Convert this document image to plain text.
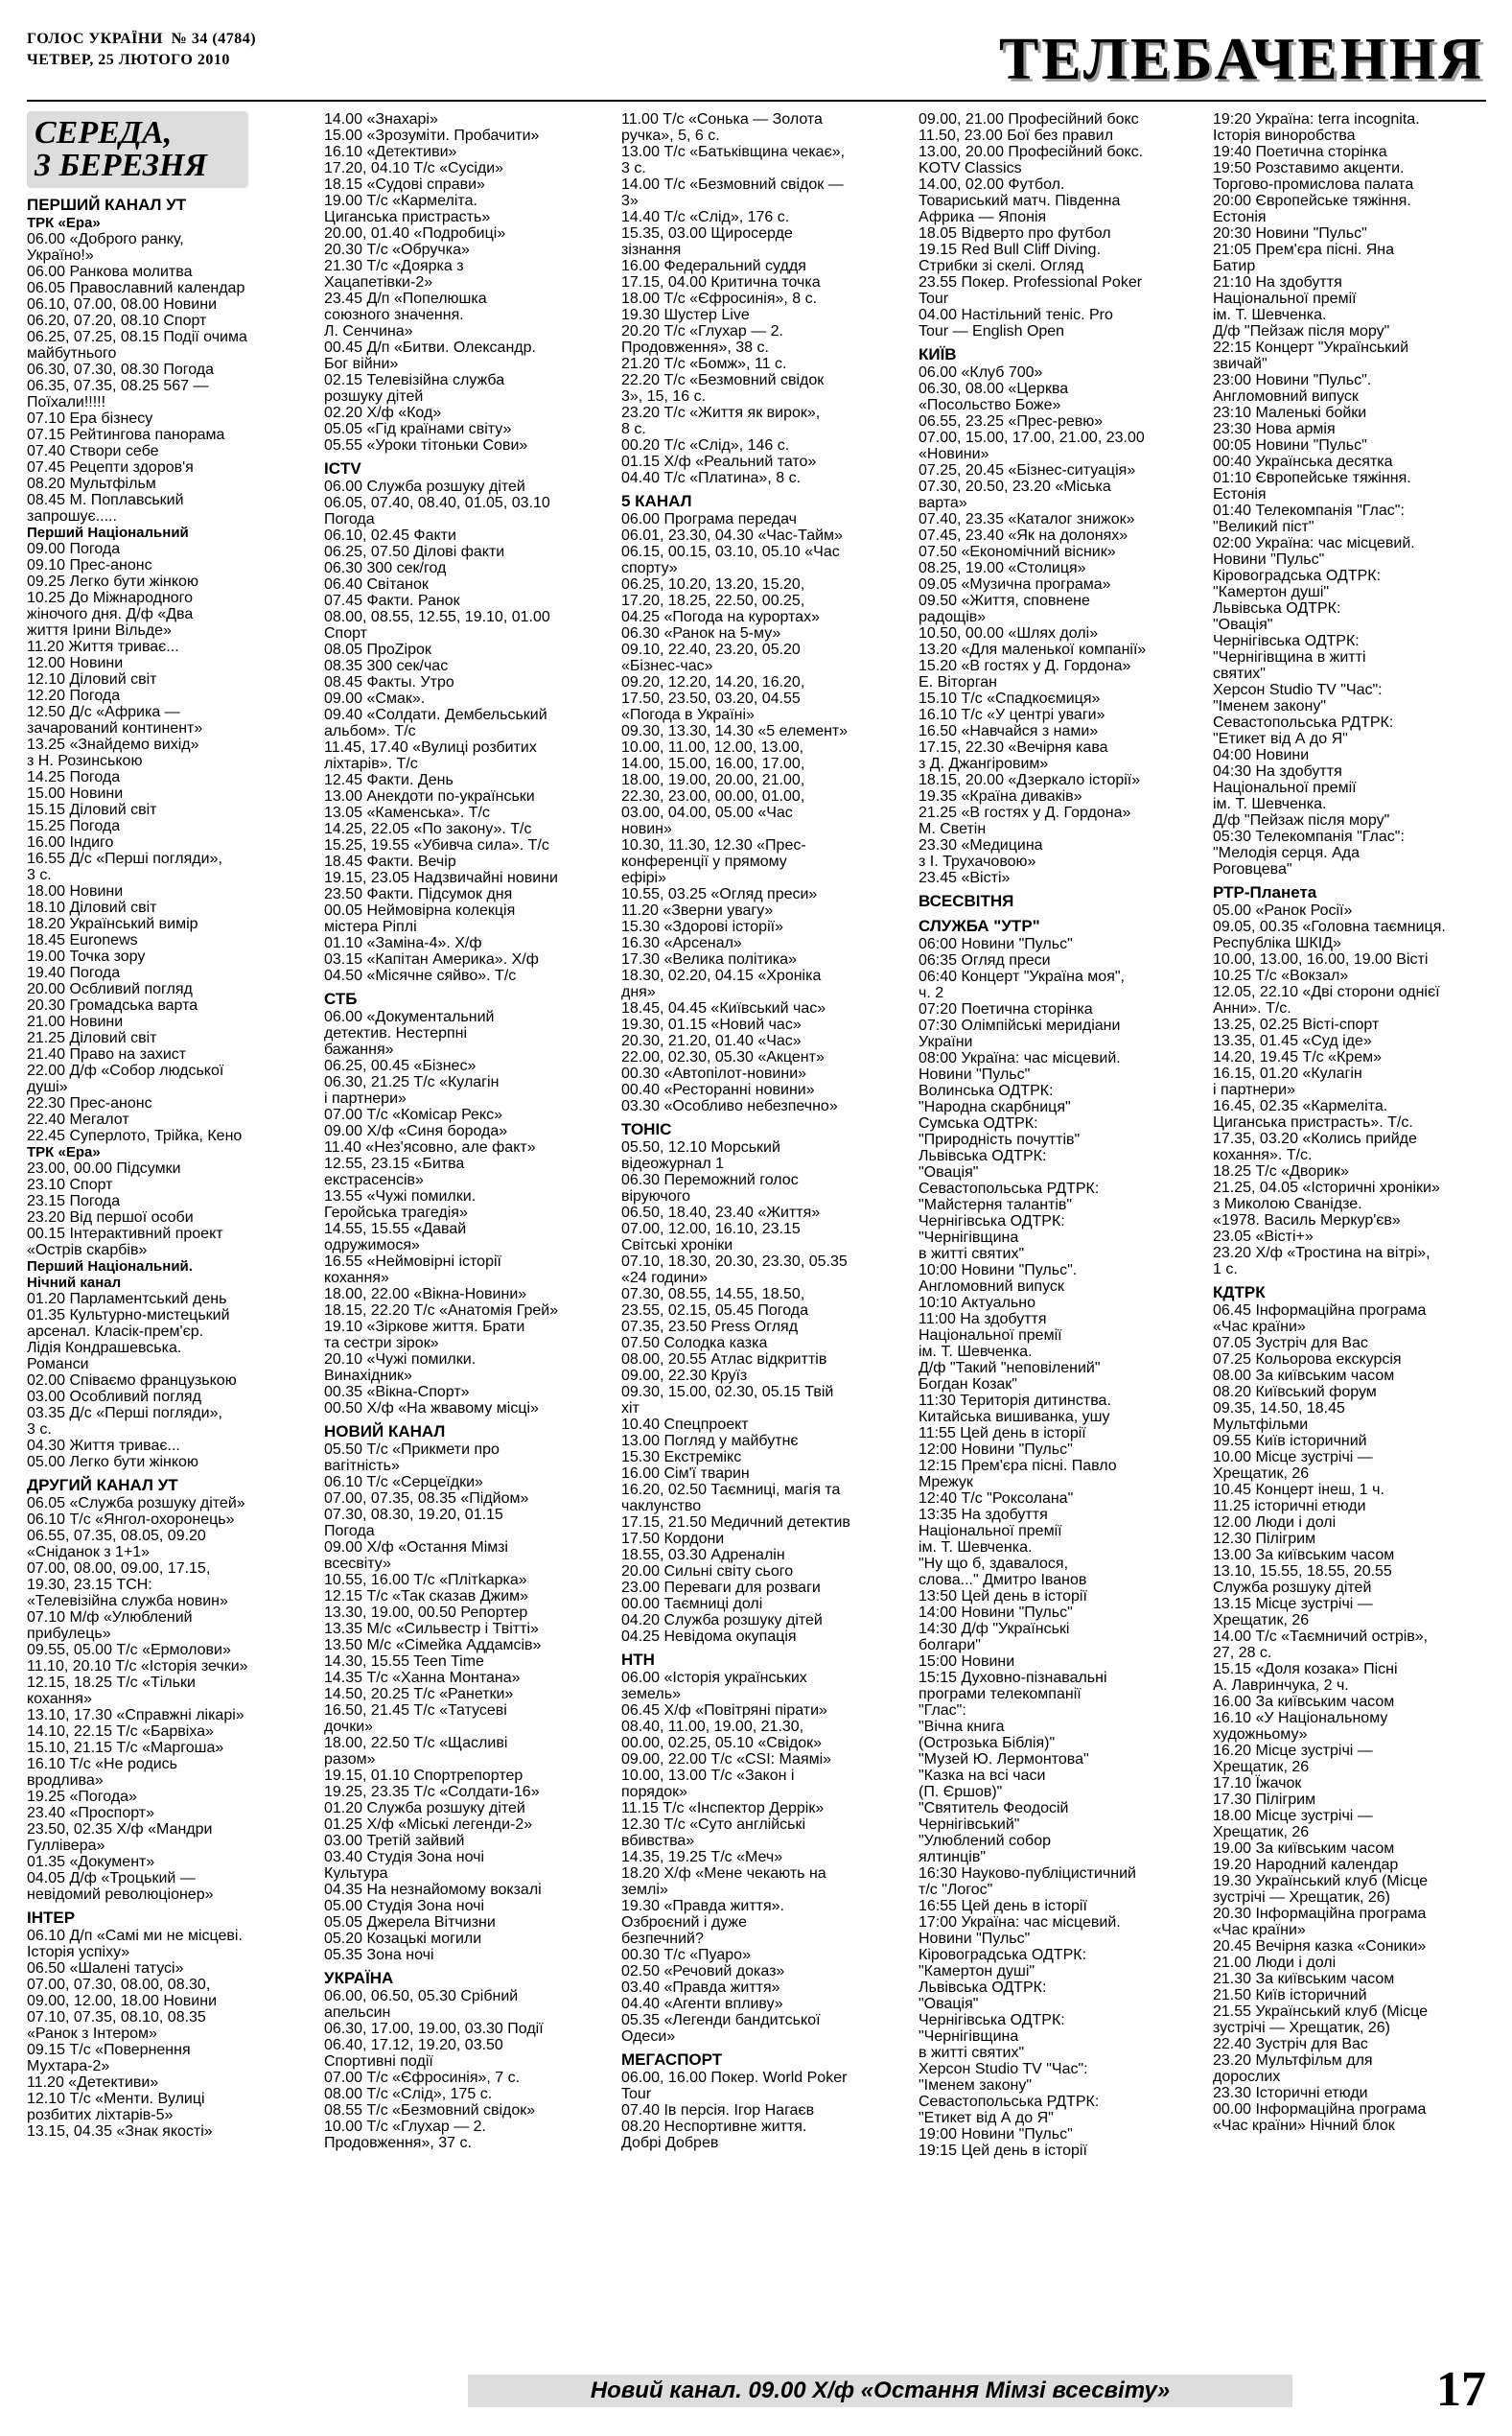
ГОЛОС УКРАЇНИ № 34 (4784)
ЧЕТВЕР, 25 ЛЮТОГО 2010	ТЕЛЕБАЧЕННЯ
СЕРЕДА,
3 БЕРЕЗНЯ
ПЕРШИЙ КАНАЛ УТ
ТРК «Ера»
06.00 «Доброго ранку,
Україно!»
06.00 Ранкова молитва
06.05 Православний календар
06.10, 07.00, 08.00 Новини
06.20, 07.20, 08.10 Спорт
06.25, 07.25, 08.15 Події очима
майбутнього
06.30, 07.30, 08.30 Погода
06.35, 07.35, 08.25 567 —
Поїхали!!!!!
07.10 Ера бізнесу
07.15 Рейтингова панорама
07.40 Створи себе
07.45 Рецепти здоров'я
08.20 Мультфільм
08.45 М. Поплавський
запрошує.....
Перший Національний
09.00 Погода
09.10 Прес-анонс
09.25 Легко бути жінкою
10.25 До Міжнародного
жіночого дня. Д/ф «Два
життя Ірини Вільде»
11.20 Життя триває...
12.00 Новини
12.10 Діловий світ
12.20 Погода
12.50 Д/с «Африка —
зачарований континент»
13.25 «Знайдемо вихід»
з Н. Розинською
14.25 Погода
15.00 Новини
15.15 Діловий світ
15.25 Погода
16.00 Індиго
16.55 Д/с «Перші погляди»,
3 с.
18.00 Новини
18.10 Діловий світ
18.20 Український вимір
18.45 Euronews
19.00 Точка зору
19.40 Погода
20.00 Осбливий погляд
20.30 Громадська варта
21.00 Новини
21.25 Діловий світ
21.40 Право на захист
22.00 Д/ф «Собор людської
душі»
22.30 Прес-анонс
22.40 Мегалот
22.45 Суперлото, Трійка, Кено
ТРК «Ера»
23.00, 00.00 Підсумки
23.10 Спорт
23.15 Погода
23.20 Від першої особи
00.15 Інтерактивний проект
«Острів скарбів»
Перший Національний.
Нічний канал
01.20 Парламентський день
01.35 Культурно-мистецький
арсенал. Класік-прем'єр.
Лідія Кондрашевська.
Романси
02.00 Співаємо французькою
03.00 Особливий погляд
03.35 Д/с «Перші погляди»,
3 с.
04.30 Життя триває...
05.00 Легко бути жінкою
ДРУГИЙ КАНАЛ УТ
06.05 «Служба розшуку дітей»
06.10 Т/с «Янгол-охоронець»
06.55, 07.35, 08.05, 09.20
«Сніданок з 1+1»
07.00, 08.00, 09.00, 17.15,
19.30, 23.15 ТСН:
«Телевізійна служба новин»
07.10 М/ф «Улюблений
прибулець»
09.55, 05.00 Т/с «Ермолови»
11.10, 20.10 Т/с «Історія зечки»
12.15, 18.25 Т/с «Тільки
кохання»
13.10, 17.30 «Справжні лікарі»
14.10, 22.15 Т/с «Барвіха»
15.10, 21.15 Т/с «Маргоша»
16.10 Т/с «Не родись
вродлива»
19.25 «Погода»
23.40 «Проспорт»
23.50, 02.35 Х/ф «Мандри
Гуллівера»
01.35 «Документ»
04.05 Д/ф «Троцький —
невідомий революціонер»
ІНТЕР
06.10 Д/п «Самі ми не місцеві.
Історія успіху»
06.50 «Шалені татусі»
07.00, 07.30, 08.00, 08.30,
09.00, 12.00, 18.00 Новини
07.10, 07.35, 08.10, 08.35
«Ранок з Інтером»
09.15 Т/с «Повернення
Мухтара-2»
11.20 «Детективи»
12.10 Т/с «Менти. Вулиці
розбитих ліхтарів-5»
13.15, 04.35 «Знак якості»
14.00 «Знахарі»
15.00 «Зрозуміти. Пробачити»
16.10 «Детективи»
17.20, 04.10 Т/с «Сусіди»
18.15 «Судові справи»
19.00 Т/с «Кармеліта.
Циганська пристрасть»
20.00, 01.40 «Подробиці»
20.30 Т/с «Обручка»
21.30 Т/с «Доярка з
Хацапетівки-2»
23.45 Д/п «Попелюшка
союзного значення.
Л. Сенчина»
00.45 Д/п «Битви. Олександр.
Бог війни»
02.15 Телевізійна служба
розшуку дітей
02.20 Х/ф «Код»
05.05 «Гід країнами світу»
05.55 «Уроки тітоньки Сови»
ICTV
06.00 Служба розшуку дітей
06.05, 07.40, 08.40, 01.05, 03.10
Погода
06.10, 02.45 Факти
06.25, 07.50 Ділові факти
06.30 300 сек/год
06.40 Світанок
07.45 Факти. Ранок
08.00, 08.55, 12.55, 19.10, 01.00
Спорт
08.05 ПроZірок
08.35 300 сек/час
08.45 Факты. Утро
09.00 «Смак».
09.40 «Солдати. Дембельський
альбом». Т/с
11.45, 17.40 «Вулиці розбитих
ліхтарів». Т/с
12.45 Факти. День
13.00 Анекдоти по-українськи
13.05 «Каменська». Т/с
14.25, 22.05 «По закону». Т/с
15.25, 19.55 «Убивча сила». Т/с
18.45 Факти. Вечір
19.15, 23.05 Надзвичайні новини
23.50 Факти. Підсумок дня
00.05 Неймовірна колекція
містера Ріплі
01.10 «Заміна-4». Х/ф
03.15 «Капітан Америка». Х/ф
04.50 «Місячне сяйво». Т/с
СТБ
06.00 «Документальний
детектив. Нестерпні
бажання»
06.25, 00.45 «Бізнес»
06.30, 21.25 Т/с «Кулагін
і партнери»
07.00 Т/с «Комісар Рекс»
09.00 Х/ф «Синя борода»
11.40 «Нез'ясовно, але факт»
12.55, 23.15 «Битва
екстрасенсів»
13.55 «Чужі помилки.
Геройська трагедія»
14.55, 15.55 «Давай
одружимося»
16.55 «Неймовірні історії
кохання»
18.00, 22.00 «Вікна-Новини»
18.15, 22.20 Т/с «Анатомія Грей»
19.10 «Зіркове життя. Брати
та сестри зірок»
20.10 «Чужі помилки.
Винахідник»
00.35 «Вікна-Спорт»
00.50 Х/ф «На жвавому місці»
НОВИЙ КАНАЛ
05.50 Т/с «Прикмети про
вагітність»
06.10 Т/с «Серцеїдки»
07.00, 07.35, 08.35 «Підйом»
07.30, 08.30, 19.20, 01.15
Погода
09.00 Х/ф «Остання Мімзі
всесвіту»
10.55, 16.00 Т/с «Плітkарка»
12.15 Т/с «Так сказав Джим»
13.30, 19.00, 00.50 Репортер
13.35 М/с «Сильвестр і Твітті»
13.50 М/с «Сімейка Аддамсів»
14.30, 15.55 Teen Time
14.35 Т/с «Ханна Монтана»
14.50, 20.25 Т/с «Ранетки»
16.50, 21.45 Т/с «Татусеві
дочки»
18.00, 22.50 Т/с «Щасливі
разом»
19.15, 01.10 Спортрепортер
19.25, 23.35 Т/с «Солдати-16»
01.20 Служба розшуку дітей
01.25 Х/ф «Міські легенди-2»
03.00 Третій зайвий
03.40 Студія Зона ночі
Культура
04.35 На незнайомому вокзалі
05.00 Студія Зона ночі
05.05 Джерела Вітчизни
05.20 Козацькі могили
05.35 Зона ночі
УКРАЇНА
06.00, 06.50, 05.30 Срібний
апельсин
06.30, 17.00, 19.00, 03.30 Події
06.40, 17.12, 19.20, 03.50
Спортивні події
07.00 Т/с «Єфросинія», 7 с.
08.00 Т/с «Слід», 175 с.
08.55 Т/с «Безмовний свідок»
10.00 Т/с «Глухар — 2.
Продовження», 37 с.
11.00 Т/с «Сонька — Золота
ручка», 5, 6 с.
13.00 Т/с «Батьківщина чекає»,
3 с.
14.00 Т/с «Безмовний свідок —
3»
14.40 Т/с «Слід», 176 с.
15.35, 03.00 Щиросерде
зізнання
16.00 Федеральний суддя
17.15, 04.00 Критична точка
18.00 Т/с «Єфросинія», 8 с.
19.30 Шустер Live
20.20 Т/с «Глухар — 2.
Продовження», 38 с.
21.20 Т/с «Бомж», 11 с.
22.20 Т/с «Безмовний свідок
3», 15, 16 с.
23.20 Т/с «Життя як вирок»,
8 с.
00.20 Т/с «Слід», 146 с.
01.15 Х/ф «Реальний тато»
04.40 Т/с «Платина», 8 с.
5 КАНАЛ
06.00 Програма передач
06.01, 23.30, 04.30 «Час-Тайм»
06.15, 00.15, 03.10, 05.10 «Час
спорту»
06.25, 10.20, 13.20, 15.20,
17.20, 18.25, 22.50, 00.25,
04.25 «Погода на курортах»
06.30 «Ранок на 5-му»
09.10, 22.40, 23.20, 05.20
«Бізнес-час»
09.20, 12.20, 14.20, 16.20,
17.50, 23.50, 03.20, 04.55
«Погода в Україні»
09.30, 13.30, 14.30 «5 елемент»
10.00, 11.00, 12.00, 13.00,
14.00, 15.00, 16.00, 17.00,
18.00, 19.00, 20.00, 21.00,
22.30, 23.00, 00.00, 01.00,
03.00, 04.00, 05.00 «Час
новин»
10.30, 11.30, 12.30 «Прес-
конференції у прямому
ефірі»
10.55, 03.25 «Огляд преси»
11.20 «Зверни увагу»
15.30 «Здорові історії»
16.30 «Арсенал»
17.30 «Велика політика»
18.30, 02.20, 04.15 «Хроніка
дня»
18.45, 04.45 «Київський час»
19.30, 01.15 «Новий час»
20.30, 21.20, 01.40 «Час»
22.00, 02.30, 05.30 «Акцент»
00.30 «Автопілот-новини»
00.40 «Ресторанні новини»
03.30 «Особливо небезпечно»
ТОНІС
05.50, 12.10 Морський
відеожурнал 1
06.30 Переможний голос
віруючого
06.50, 18.40, 23.40 «Життя»
07.00, 12.00, 16.10, 23.15
Світські хроніки
07.10, 18.30, 20.30, 23.30, 05.35
«24 години»
07.30, 08.55, 14.55, 18.50,
23.55, 02.15, 05.45 Погода
07.35, 23.50 Press Огляд
07.50 Солодка казка
08.00, 20.55 Атлас відкриттів
09.00, 22.30 Круїз
09.30, 15.00, 02.30, 05.15 Твій
хіт
10.40 Спецпроект
13.00 Погляд у майбутнє
15.30 Екстремікс
16.00 Сім'ї тварин
16.20, 02.50 Таємниці, магія та
чаклунство
17.15, 21.50 Медичний детектив
17.50 Кордони
18.55, 03.30 Адреналін
20.00 Сильні світу сього
23.00 Переваги для розваги
00.00 Таємниці долі
04.20 Служба розшуку дітей
04.25 Невідома окупація
НТН
06.00 «Історія українських
земель»
06.45 Х/ф «Повітряні пірати»
08.40, 11.00, 19.00, 21.30,
00.00, 02.25, 05.10 «Свідок»
09.00, 22.00 Т/с «CSI: Маямі»
10.00, 13.00 Т/с «Закон і
порядок»
11.15 Т/с «Інспектор Деррік»
12.30 Т/с «Суто англійські
вбивства»
14.35, 19.25 Т/с «Меч»
18.20 Х/ф «Мене чекають на
землі»
19.30 «Правда життя».
Озброєний і дуже
безпечний?
00.30 Т/с «Пуаро»
02.50 «Речовий доказ»
03.40 «Правда життя»
04.40 «Агенти впливу»
05.35 «Легенди бандитської
Одеси»
МЕГАСПОРТ
06.00, 16.00 Покер. World Poker
Tour
07.40 Ів персія. Ігор Нагаєв
08.20 Неспортивне життя.
Добрі Добрев
09.00, 21.00 Професійний бокс
11.50, 23.00 Бої без правил
13.00, 20.00 Професійний бокс.
KOTV Classics
14.00, 02.00 Футбол.
Товариський матч. Південна
Африка — Японія
18.05 Відверто про футбол
19.15 Red Bull Cliff Diving.
Стрибки зі скелі. Огляд
23.55 Покер. Professional Poker
Tour
04.00 Настільний теніс. Pro
Tour — English Open
КИЇВ
06.00 «Клуб 700»
06.30, 08.00 «Церква
«Посольство Боже»
06.55, 23.25 «Прес-ревю»
07.00, 15.00, 17.00, 21.00, 23.00
«Новини»
07.25, 20.45 «Бізнес-ситуація»
07.30, 20.50, 23.20 «Міська
варта»
07.40, 23.35 «Каталог знижок»
07.45, 23.40 «Як на долонях»
07.50 «Економічний вісник»
08.25, 19.00 «Столиця»
09.05 «Музична програма»
09.50 «Життя, сповнене
радощів»
10.50, 00.00 «Шлях долі»
13.20 «Для маленької компанії»
15.20 «В гостях у Д. Гордона»
Е. Віторган
15.10 Т/с «Спадкоємиця»
16.10 Т/с «У центрі уваги»
16.50 «Навчайся з нами»
17.15, 22.30 «Вечірня кава
з Д. Джангіровим»
18.15, 20.00 «Дзеркало історії»
19.35 «Країна диваків»
21.25 «В гостях у Д. Гордона»
М. Светін
23.30 «Медицина
з І. Трухачовою»
23.45 «Вісті»
ВСЕСВІТНЯ
СЛУЖБА "УТР"
06:00 Новини "Пульс"
06:35 Огляд преси
06:40 Концерт "Україна моя",
ч. 2
07:20 Поетична сторінка
07:30 Олімпійські меридіани
України
08:00 Україна: час місцевий.
Новини "Пульс"
Волинська ОДТРК:
"Народна скарбниця"
Сумська ОДТРК:
"Природність почуттів"
Львівська ОДТРК:
"Овація"
Севастопольська РДТРК:
"Майстерня талантів"
Чернігівська ОДТРК:
"Чернігівщина
в житті святих"
10:00 Новини "Пульс".
Англомовний випуск
10:10 Актуально
11:00 На здобуття
Національної премії
ім. Т. Шевченка.
Д/ф "Такий "неповілений"
Богдан Козак"
11:30 Територія дитинства.
Китайська вишиванка, ушу
11:55 Цей день в історії
12:00 Новини "Пульс"
12:15 Прем'єра пісні. Павло
Мрежук
12:40 Т/с "Роксолана"
13:35 На здобуття
Національної премії
ім. Т. Шевченка.
"Ну що б, здавалося,
слова..." Дмитро Іванов
13:50 Цей день в історії
14:00 Новини "Пульс"
14:30 Д/ф "Українські
болгари"
15:00 Новини
15:15 Духовно-пізнавальні
програми телекомпанії
"Глас":
"Вічна книга
(Острозька Біблія)"
"Музей Ю. Лермонтова"
"Казка на всі часи
(П. Єршов)"
"Святитель Феодосій
Чернігівський"
"Улюблений собор
ялтинців"
16:30 Науково-публіцистичний
т/с "Логос"
16:55 Цей день в історії
17:00 Україна: час місцевий.
Новини "Пульс"
Кіровоградська ОДТРК:
"Камертон душі"
Львівська ОДТРК:
"Овація"
Чернігівська ОДТРК:
"Чернігівщина
в житті святих"
Херсон Studio TV "Час":
"Іменем закону"
Севастопольська РДТРК:
"Етикет від А до Я"
19:00 Новини "Пульс"
19:15 Цей день в історії
19:20 Україна: terra incognita.
Історія виноробства
19:40 Поетична сторінка
19:50 Розставимо акценти.
Торгово-промислова палата
20:00 Європейське тяжіння.
Естонія
20:30 Новини "Пульс"
21:05 Прем'єра пісні. Яна
Батир
21:10 На здобуття
Національної премії
ім. Т. Шевченка.
Д/ф "Пейзаж після мору"
22:15 Концерт "Український
звичай"
23:00 Новини "Пульс".
Англомовний випуск
23:10 Маленькі бойки
23:30 Нова армія
00:05 Новини "Пульс"
00:40 Українська десятка
01:10 Європейське тяжіння.
Естонія
01:40 Телекомпанія "Глас":
"Великий піст"
02:00 Україна: час місцевий.
Новини "Пульс"
Кіровоградська ОДТРК:
"Камертон душі"
Львівська ОДТРК:
"Овація"
Чернігівська ОДТРК:
"Чернігівщина в житті
святих"
Херсон Studio TV "Час":
"Іменем закону"
Севастопольська РДТРК:
"Етикет від А до Я"
04:00 Новини
04:30 На здобуття
Національної премії
ім. Т. Шевченка.
Д/ф "Пейзаж після мору"
05:30 Телекомпанія "Глас":
"Мелодія серця. Ада
Роговцева"
РТР-Планета
05.00 «Ранок Росії»
09.05, 00.35 «Головна таємниця.
Республіка ШКІД»
10.00, 13.00, 16.00, 19.00 Вісті
10.25 Т/с «Вокзал»
12.05, 22.10 «Дві сторони однієї
Анни». Т/с.
13.25, 02.25 Вісті-спорт
13.35, 01.45 «Суд іде»
14.20, 19.45 Т/с «Крем»
16.15, 01.20 «Кулагін
і партнери»
16.45, 02.35 «Кармеліта.
Циганська пристрасть». Т/с.
17.35, 03.20 «Колись прийде
кохання». Т/с.
18.25 Т/с «Дворик»
21.25, 04.05 «Історичні хроніки»
з Миколою Сванідзе.
«1978. Василь Меркур'єв»
23.05 «Вісті+»
23.20 Х/ф «Тростина на вітрі»,
1 с.
КДТРК
06.45 Інформаційна програма
«Час країни»
07.05 Зустріч для Вас
07.25 Кольорова екскурсія
08.00 За київським часом
08.20 Київський форум
09.35, 14.50, 18.45
Мультфільми
09.55 Київ історичний
10.00 Місце зустрічі —
Хрещатик, 26
10.45 Концерт інеш, 1 ч.
11.25 історичні етюди
12.00 Люди і долі
12.30 Пілігрим
13.00 За київським часом
13.10, 15.55, 18.55, 20.55
Служба розшуку дітей
13.15 Місце зустрічі —
Хрещатик, 26
14.00 Т/с «Таємничий острів»,
27, 28 с.
15.15 «Доля козака» Пісні
А. Лавринчука, 2 ч.
16.00 За київським часом
16.10 «У Національному
художньому»
16.20 Місце зустрічі —
Хрещатик, 26
17.10 Їжачок
17.30 Пілігрим
18.00 Місце зустрічі —
Хрещатик, 26
19.00 За київським часом
19.20 Народний календар
19.30 Український клуб (Місце
зустрічі — Хрещатик, 26)
20.30 Інформаційна програма
«Час країни»
20.45 Вечірня казка «Соники»
21.00 Люди і долі
21.30 За київським часом
21.50 Київ історичний
21.55 Український клуб (Місце
зустрічі — Хрещатик, 26)
22.40 Зустріч для Вас
23.20 Мультфільм для
дорослих
23.30 Історичні етюди
00.00 Інформаційна програма
«Час країни» Нічний блок
Новий канал. 09.00 Х/ф «Остання Мімзі всесвіту»	17
